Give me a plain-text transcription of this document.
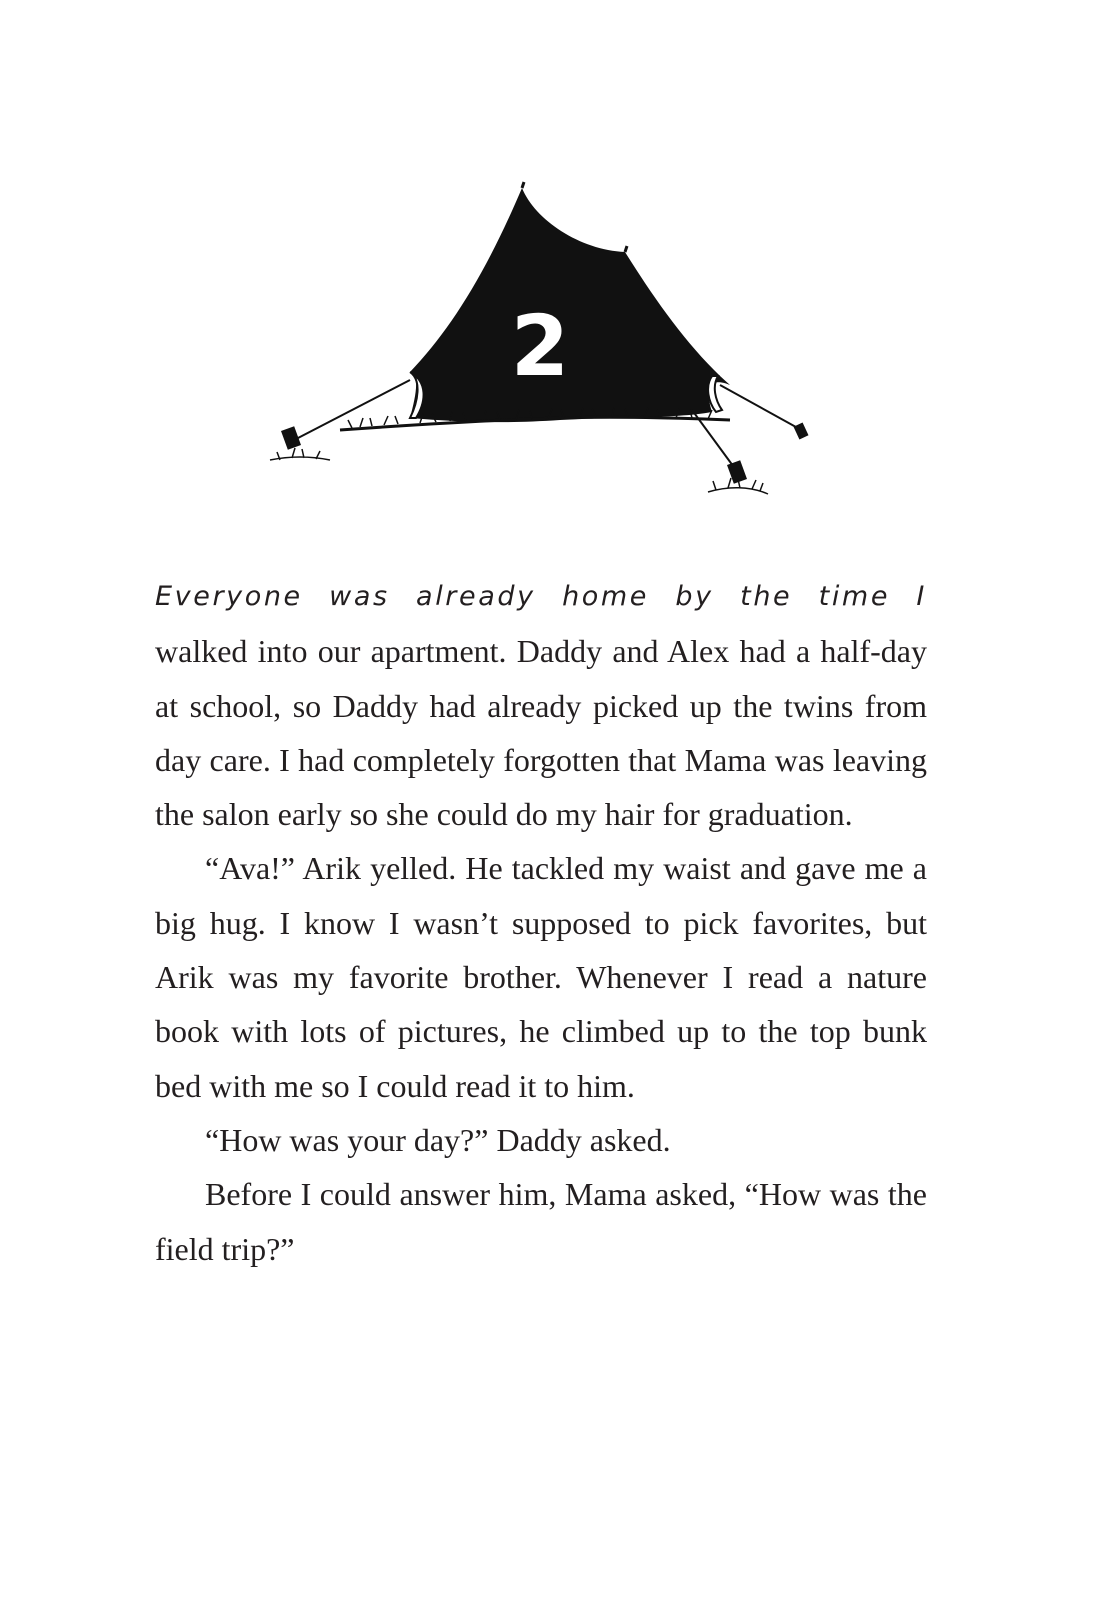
2

Everyone was already home by the time I walked into our apartment. Daddy and Alex had a half-day at school, so Daddy had already picked up the twins from day care. I had completely forgotten that Mama was leaving the salon early so she could do my hair for graduation.

“Ava!” Arik yelled. He tackled my waist and gave me a big hug. I know I wasn’t supposed to pick favorites, but Arik was my favorite brother. Whenever I read a nature book with lots of pictures, he climbed up to the top bunk bed with me so I could read it to him.

“How was your day?” Daddy asked.

Before I could answer him, Mama asked, “How was the field trip?”
